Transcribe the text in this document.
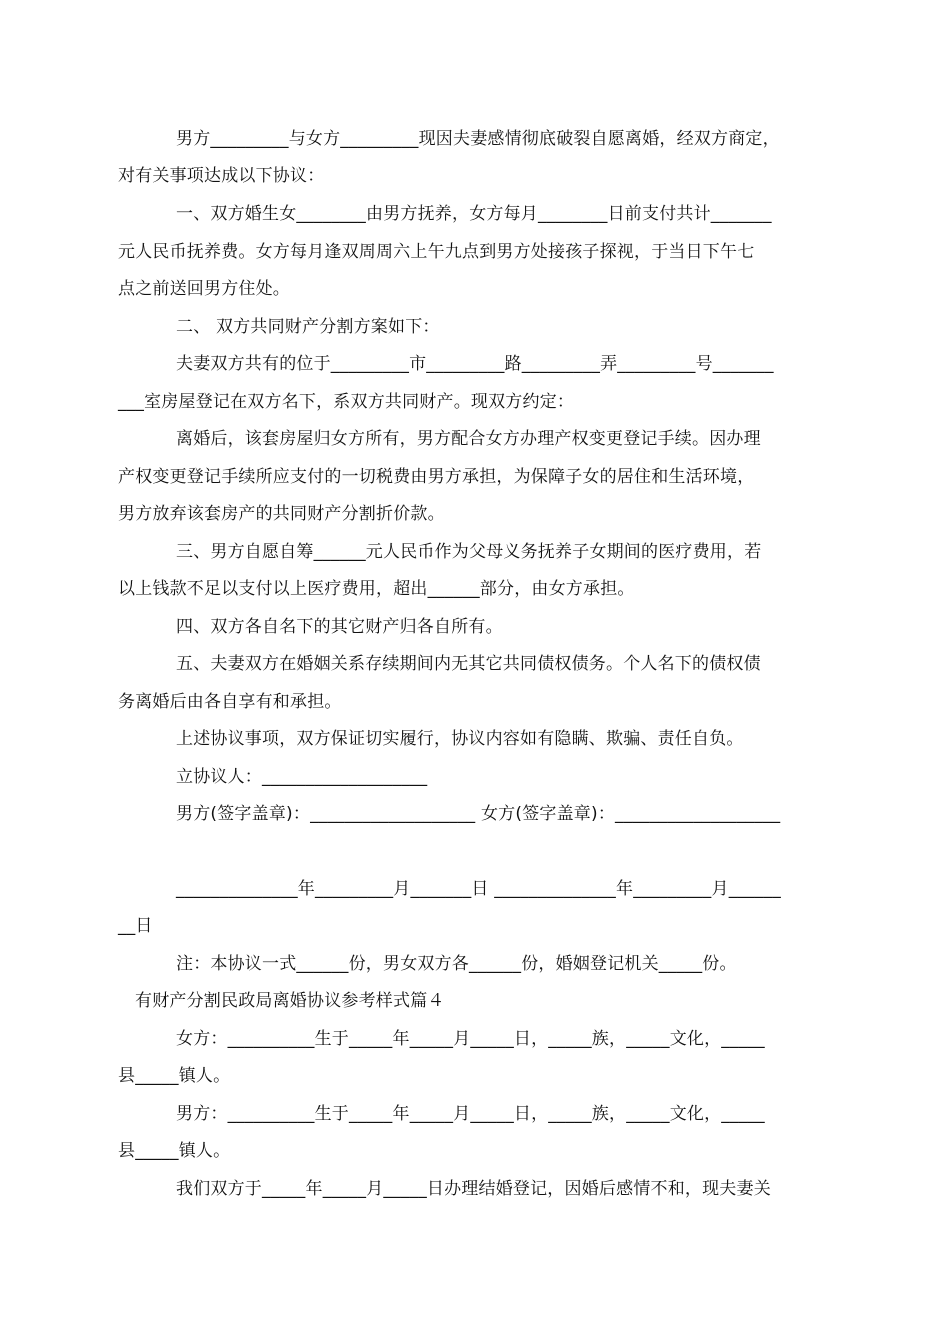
男方_________与女方_________现因夫妻感情彻底破裂自愿离婚，经双方商定，
对有关事项达成以下协议：
一、双方婚生女________由男方抚养，女方每月________日前支付共计_______
元人民币抚养费。女方每月逢双周周六上午九点到男方处接孩子探视，于当日下午七
点之前送回男方住处。
二、 双方共同财产分割方案如下：
夫妻双方共有的位于_________市_________路_________弄_________号_______
___室房屋登记在双方名下，系双方共同财产。现双方约定：
离婚后，该套房屋归女方所有，男方配合女方办理产权变更登记手续。因办理
产权变更登记手续所应支付的一切税费由男方承担，为保障子女的居住和生活环境，
男方放弃该套房产的共同财产分割折价款。
三、男方自愿自筹______元人民币作为父母义务抚养子女期间的医疗费用，若
以上钱款不足以支付以上医疗费用，超出______部分，由女方承担。
四、双方各自名下的其它财产归各自所有。
五、夫妻双方在婚姻关系存续期间内无其它共同债权债务。个人名下的债权债
务离婚后由各自享有和承担。
上述协议事项，双方保证切实履行，协议内容如有隐瞒、欺骗、责任自负。
立协议人：___________________
男方(签字盖章)：___________________ 女方(签字盖章)：___________________
______________年_________月_______日 ______________年_________月______
__日
注：本协议一式______份，男女双方各______份，婚姻登记机关_____份。
有财产分割民政局离婚协议参考样式篇４
女方：__________生于_____年_____月_____日，_____族，_____文化，_____
县_____镇人。
男方：__________生于_____年_____月_____日，_____族，_____文化，_____
县_____镇人。
我们双方于_____年_____月_____日办理结婚登记，因婚后感情不和，现夫妻关
